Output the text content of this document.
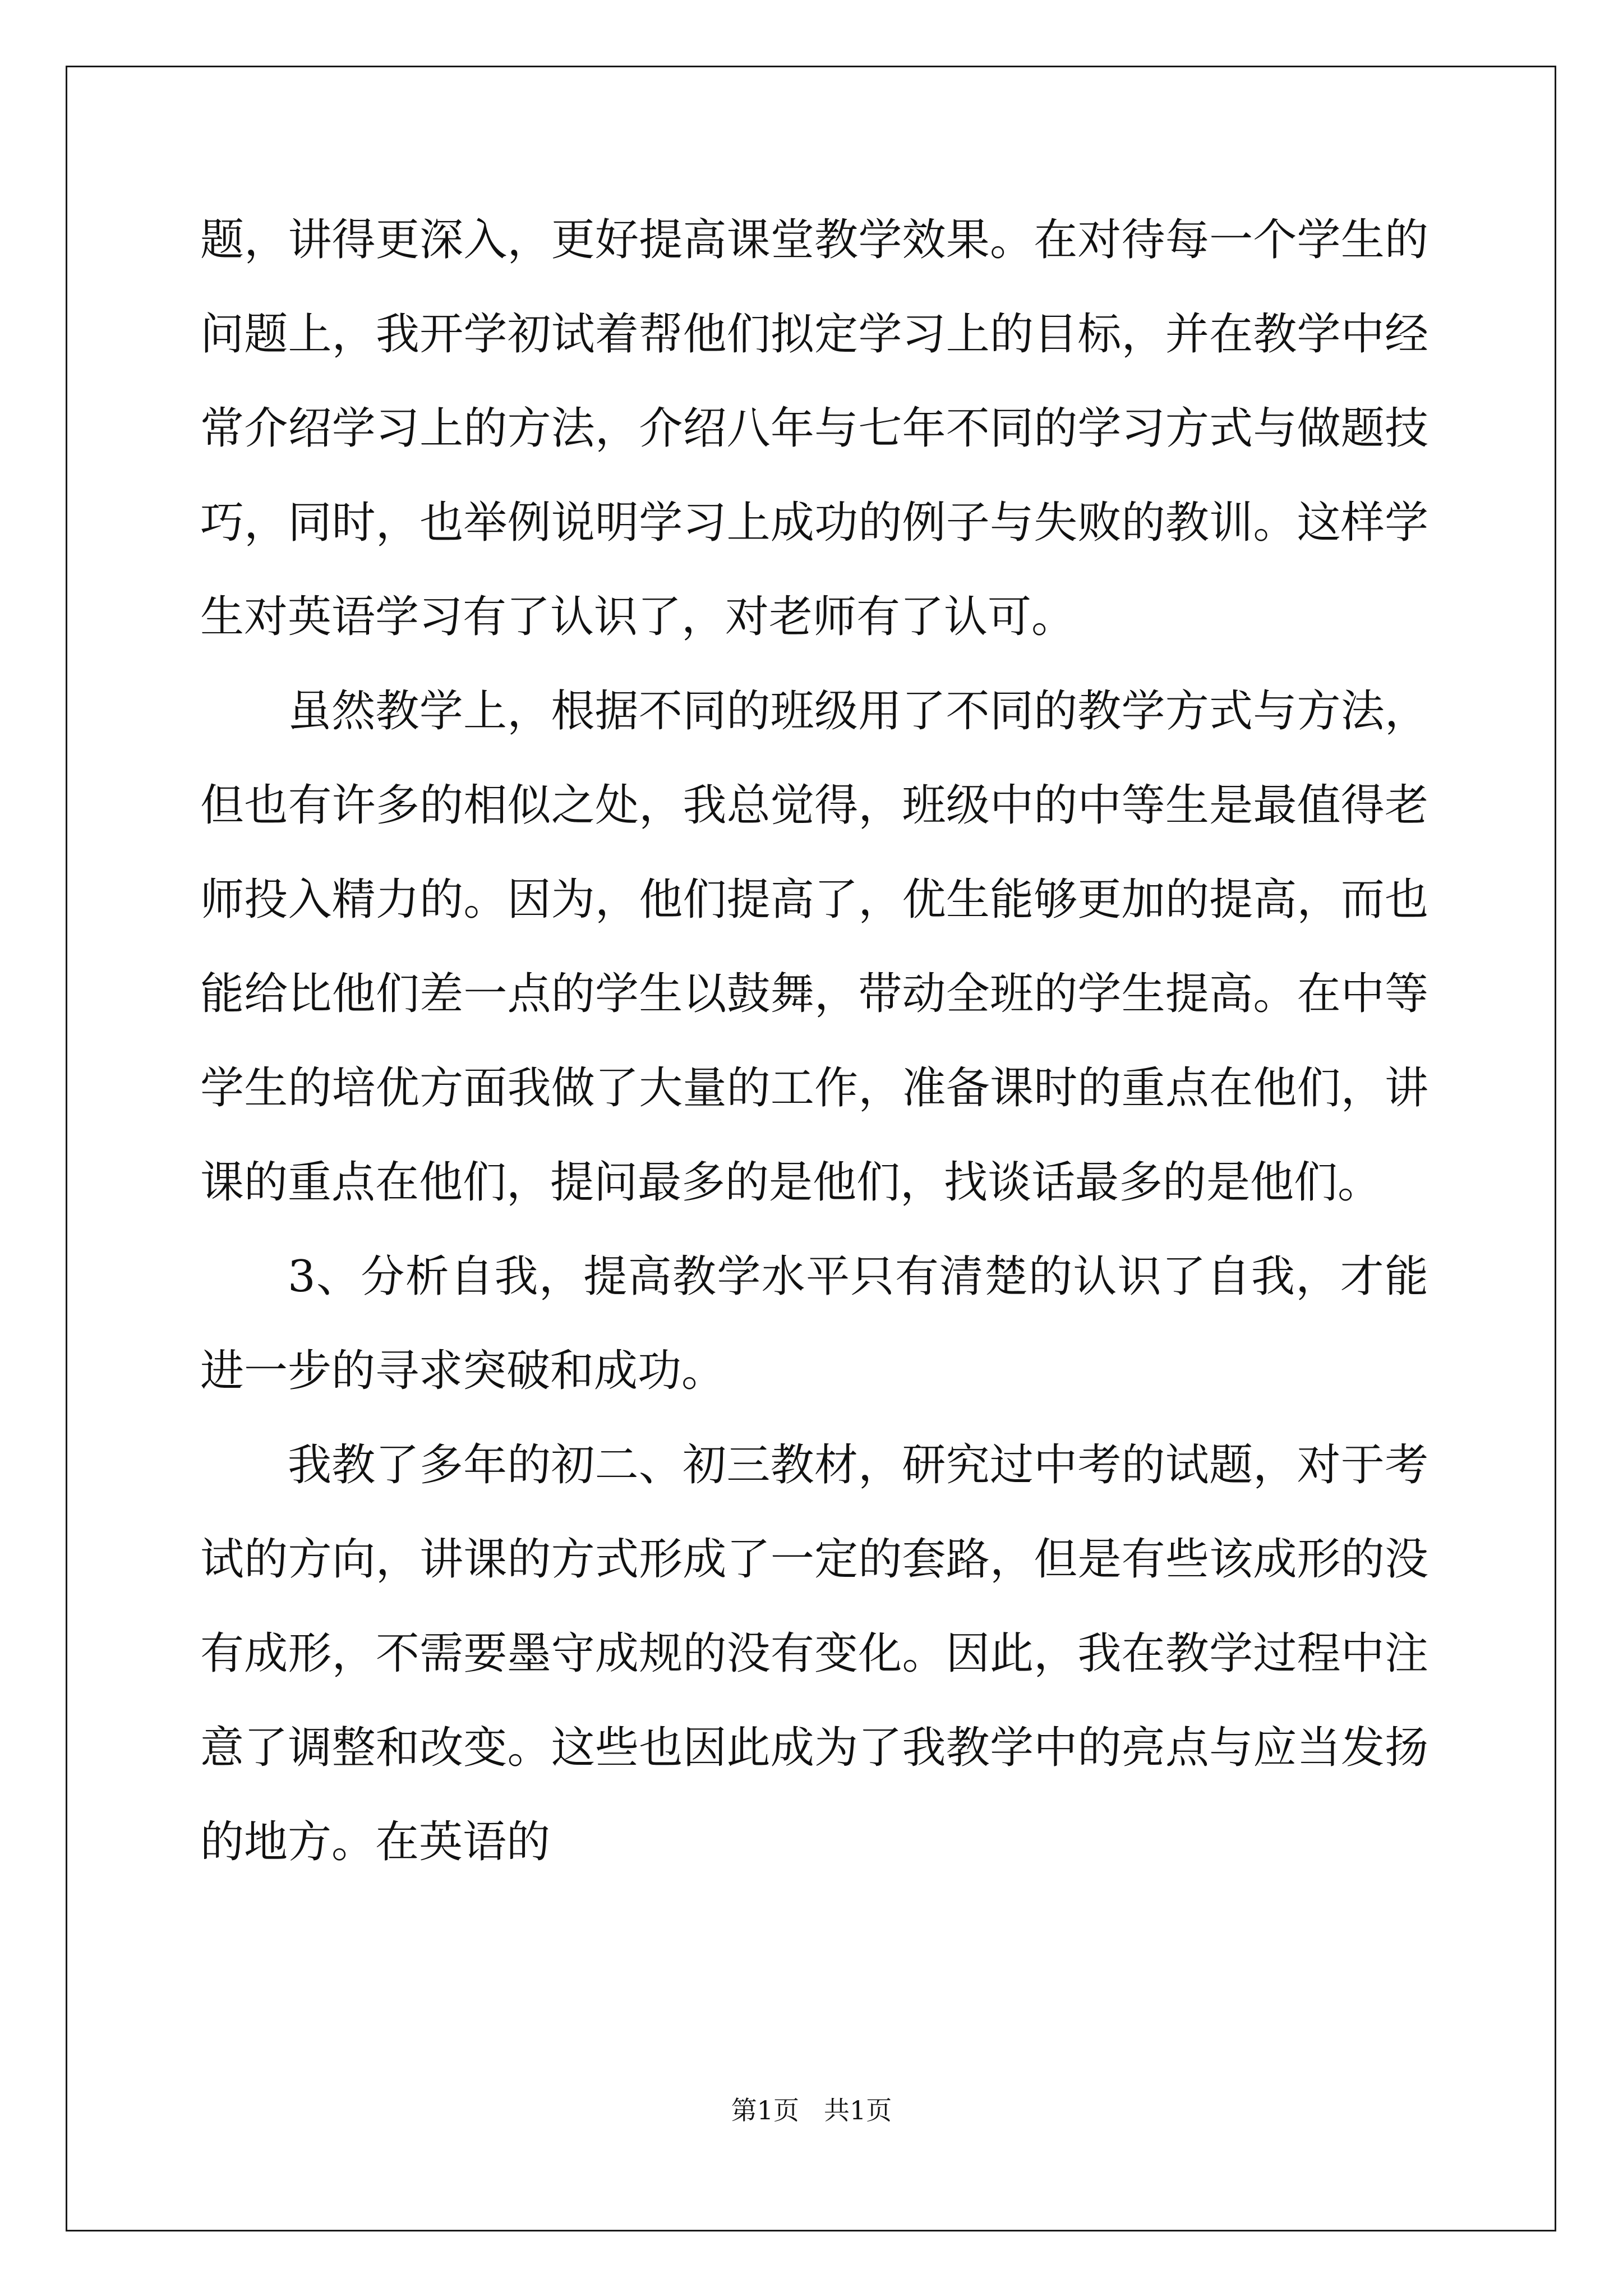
题，讲得更深入，更好提高课堂教学效果。在对待每一个学生的问题上，我开学初试着帮他们拟定学习上的目标，并在教学中经常介绍学习上的方法，介绍八年与七年不同的学习方式与做题技巧，同时，也举例说明学习上成功的例子与失败的教训。这样学生对英语学习有了认识了，对老师有了认可。

虽然教学上，根据不同的班级用了不同的教学方式与方法，但也有许多的相似之处，我总觉得，班级中的中等生是最值得老师投入精力的。因为，他们提高了，优生能够更加的提高，而也能给比他们差一点的学生以鼓舞，带动全班的学生提高。在中等学生的培优方面我做了大量的工作，准备课时的重点在他们，讲课的重点在他们，提问最多的是他们，找谈话最多的是他们。

3、分析自我，提高教学水平只有清楚的认识了自我，才能进一步的寻求突破和成功。

我教了多年的初二、初三教材，研究过中考的试题，对于考试的方向，讲课的方式形成了一定的套路，但是有些该成形的没有成形，不需要墨守成规的没有变化。因此，我在教学过程中注意了调整和改变。这些也因此成为了我教学中的亮点与应当发扬的地方。在英语的

第1页 共1页
